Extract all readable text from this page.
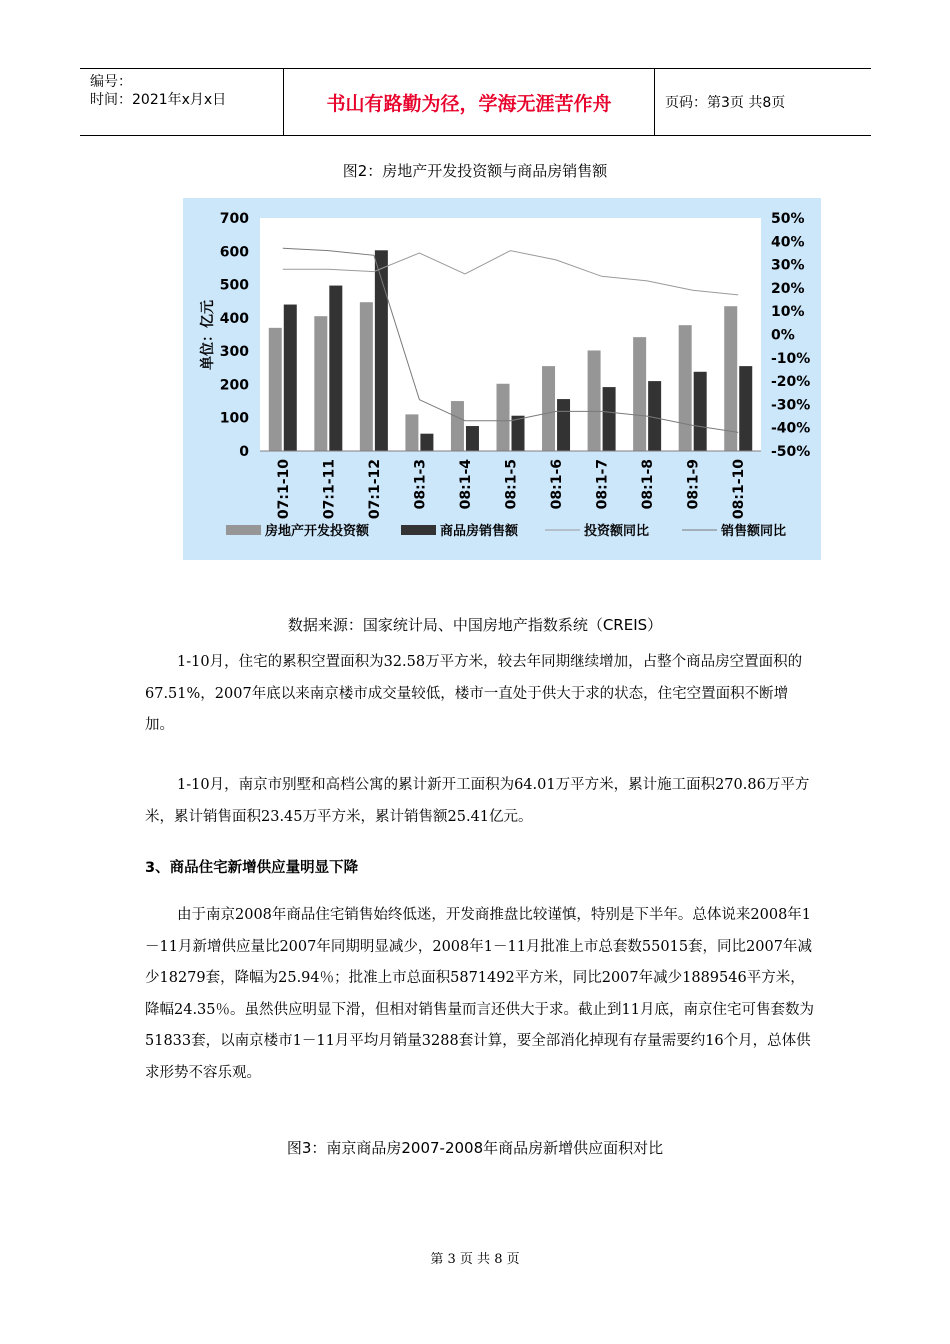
编号：
时间：2021年x月x日	书山有路勤为径，学海无涯苦作舟	页码：第3页 共8页
图2：房地产开发投资额与商品房销售额
700
600
500
400
300
200
100
0
50%
40%
30%
20%
10%
0%
-10%
-20%
-30%
-40%
-50%
07:1-10 07:1-11 07:1-12 08:1-3 08:1-4 08:1-5 08:1-6 08:1-7 08:1-8 08:1-9 08:1-10
单位：亿元
房地产开发投资额	商品房销售额	投资额同比	销售额同比
数据来源：国家统计局、中国房地产指数系统（CREIS）
1-10月，住宅的累积空置面积为32.58万平方米，较去年同期继续增加，占整个商品房空置面积的67.51%，2007年底以来南京楼市成交量较低，楼市一直处于供大于求的状态，住宅空置面积不断增加。
1-10月，南京市别墅和高档公寓的累计新开工面积为64.01万平方米，累计施工面积270.86万平方米，累计销售面积23.45万平方米，累计销售额25.41亿元。
3、商品住宅新增供应量明显下降
由于南京2008年商品住宅销售始终低迷，开发商推盘比较谨慎，特别是下半年。总体说来2008年1－11月新增供应量比2007年同期明显减少，2008年1－11月批准上市总套数55015套，同比2007年减少18279套，降幅为25.94％；批准上市总面积5871492平方米，同比2007年减少1889546平方米，降幅24.35％。虽然供应明显下滑，但相对销售量而言还供大于求。截止到11月底，南京住宅可售套数为51833套，以南京楼市1－11月平均月销量3288套计算，要全部消化掉现有存量需要约16个月，总体供求形势不容乐观。
图3：南京商品房2007-2008年商品房新增供应面积对比
第 3 页 共 8 页
